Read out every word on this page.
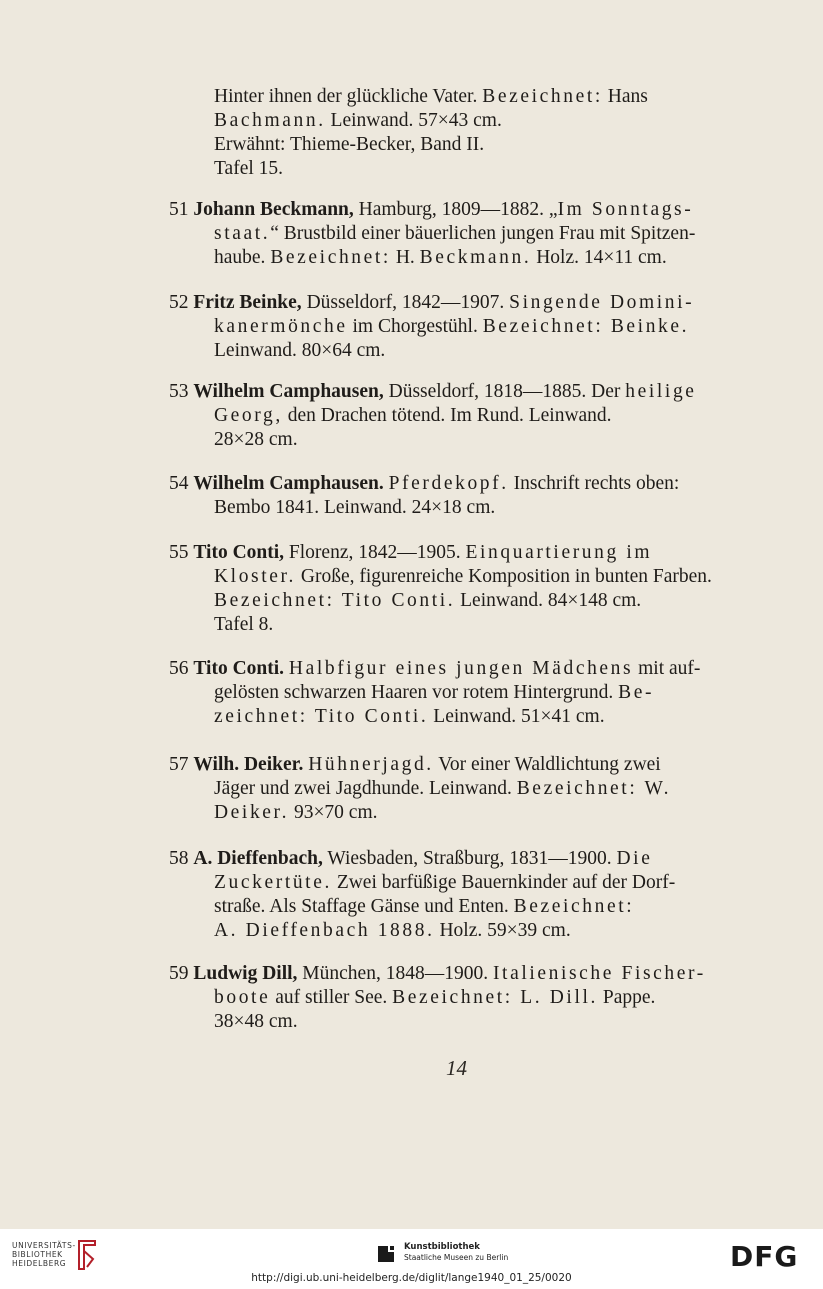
Hinter ihnen der glückliche Vater. Bezeichnet: Hans
Bachmann. Leinwand. 57×43 cm.
Erwähnt: Thieme-Becker, Band II.
Tafel 15.
51 Johann Beckmann, Hamburg, 1809—1882. „Im Sonntags-
staat.“ Brustbild einer bäuerlichen jungen Frau mit Spitzen-
haube. Bezeichnet: H. Beckmann. Holz. 14×11 cm.
52 Fritz Beinke, Düsseldorf, 1842—1907. Singende Domini-
kanermönche im Chorgestühl. Bezeichnet: Beinke.
Leinwand. 80×64 cm.
53 Wilhelm Camphausen, Düsseldorf, 1818—1885. Der heilige
Georg, den Drachen tötend. Im Rund. Leinwand.
28×28 cm.
54 Wilhelm Camphausen. Pferdekopf. Inschrift rechts oben:
Bembo 1841. Leinwand. 24×18 cm.
55 Tito Conti, Florenz, 1842—1905. Einquartierung im
Kloster. Große, figurenreiche Komposition in bunten Farben.
Bezeichnet: Tito Conti. Leinwand. 84×148 cm.
Tafel 8.
56 Tito Conti. Halbfigur eines jungen Mädchens mit auf-
gelösten schwarzen Haaren vor rotem Hintergrund. Be-
zeichnet: Tito Conti. Leinwand. 51×41 cm.
57 Wilh. Deiker. Hühnerjagd. Vor einer Waldlichtung zwei
Jäger und zwei Jagdhunde. Leinwand. Bezeichnet: W.
Deiker. 93×70 cm.
58 A. Dieffenbach, Wiesbaden, Straßburg, 1831—1900. Die
Zuckertüte. Zwei barfüßige Bauernkinder auf der Dorf-
straße. Als Staffage Gänse und Enten. Bezeichnet:
A. Dieffenbach 1888. Holz. 59×39 cm.
59 Ludwig Dill, München, 1848—1900. Italienische Fischer-
boote auf stiller See. Bezeichnet: L. Dill. Pappe.
38×48 cm.
14
UNIVERSITÄTS-
BIBLIOTHEK
HEIDELBERG
Kunstbibliothek
Staatliche Museen zu Berlin	DFG
http://digi.ub.uni-heidelberg.de/diglit/lange1940_01_25/0020
